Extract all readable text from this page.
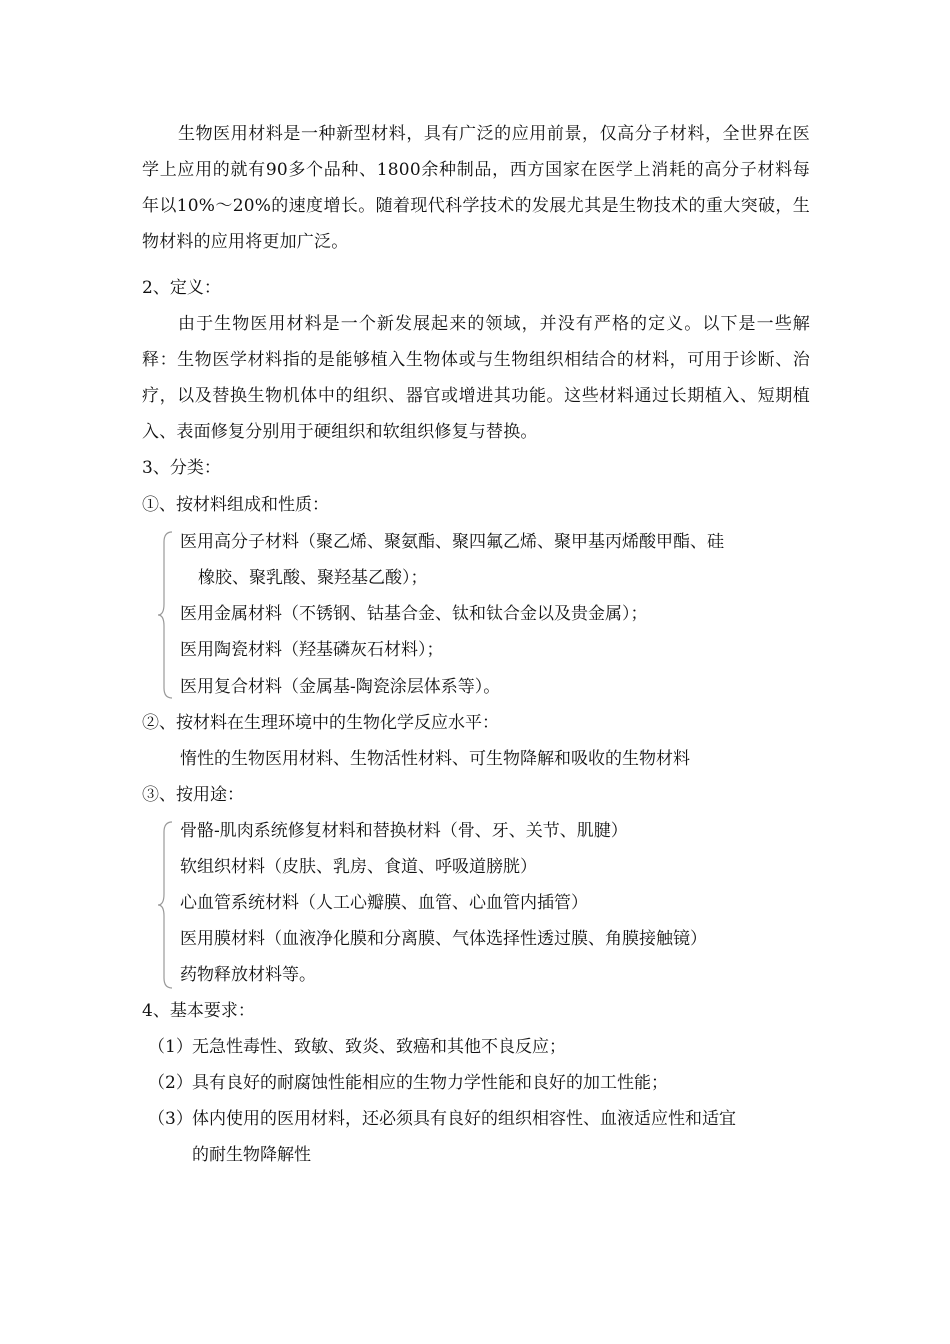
生物医用材料是一种新型材料，具有广泛的应用前景，仅高分子材料，全世界在医学上应用的就有90多个品种、1800余种制品，西方国家在医学上消耗的高分子材料每年以10%～20%的速度增长。随着现代科学技术的发展尤其是生物技术的重大突破，生物材料的应用将更加广泛。
2、定义：
由于生物医用材料是一个新发展起来的领域，并没有严格的定义。以下是一些解释：生物医学材料指的是能够植入生物体或与生物组织相结合的材料，可用于诊断、治疗，以及替换生物机体中的组织、器官或增进其功能。这些材料通过长期植入、短期植入、表面修复分别用于硬组织和软组织修复与替换。
3、分类：
①、按材料组成和性质：
医用高分子材料（聚乙烯、聚氨酯、聚四氟乙烯、聚甲基丙烯酸甲酯、硅
橡胶、聚乳酸、聚羟基乙酸）；
医用金属材料（不锈钢、钴基合金、钛和钛合金以及贵金属）；
医用陶瓷材料（羟基磷灰石材料）；
医用复合材料（金属基-陶瓷涂层体系等）。
②、按材料在生理环境中的生物化学反应水平：
惰性的生物医用材料、生物活性材料、可生物降解和吸收的生物材料
③、按用途：
骨骼-肌肉系统修复材料和替换材料（骨、牙、关节、肌腱）
软组织材料（皮肤、乳房、食道、呼吸道膀胱）
心血管系统材料（人工心瓣膜、血管、心血管内插管）
医用膜材料（血液净化膜和分离膜、气体选择性透过膜、角膜接触镜）
药物释放材料等。
4、基本要求：
（1）无急性毒性、致敏、致炎、致癌和其他不良反应；
（2）具有良好的耐腐蚀性能相应的生物力学性能和良好的加工性能；
（3）体内使用的医用材料，还必须具有良好的组织相容性、血液适应性和适宜
的耐生物降解性
